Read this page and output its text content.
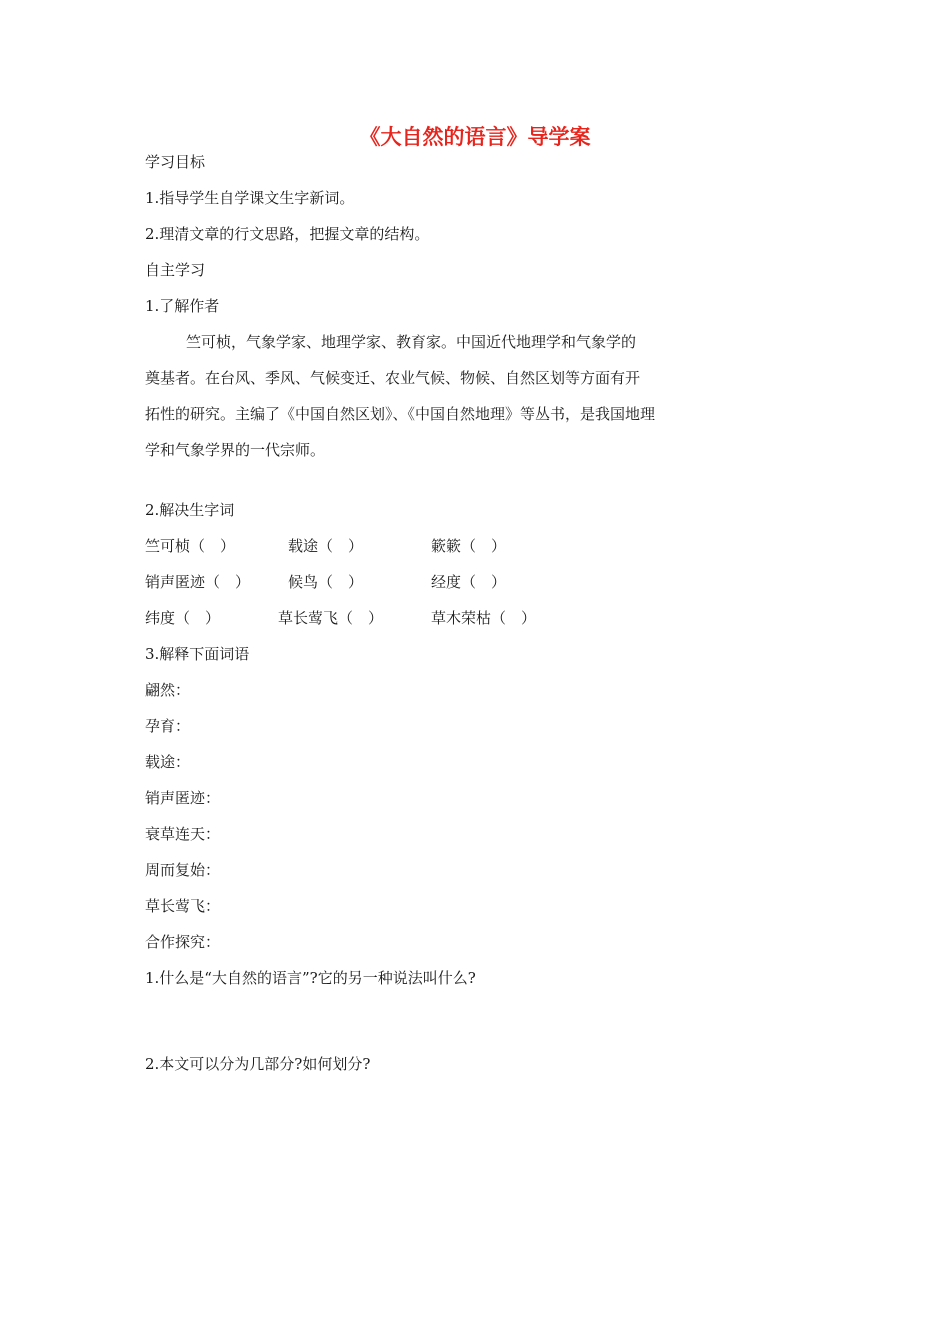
《大自然的语言》导学案
学习目标
1.指导学生自学课文生字新词。
2.理清文章的行文思路，把握文章的结构。
自主学习
1.了解作者
竺可桢，气象学家、地理学家、教育家。中国近代地理学和气象学的
奠基者。在台风、季风、气候变迁、农业气候、物候、自然区划等方面有开
拓性的研究。主编了《中国自然区划》、《中国自然地理》等丛书，是我国地理
学和气象学界的一代宗师。
2.解决生字词
竺可桢（　）	载途（　）	簌簌（　）
销声匿迹（　）	候鸟（　）	经度（　）
纬度（　）	草长莺飞（　）	草木荣枯（　）
3.解释下面词语
翩然：
孕育：
载途：
销声匿迹：
衰草连天：
周而复始：
草长莺飞：
合作探究：
1.什么是“大自然的语言”?它的另一种说法叫什么?
2.本文可以分为几部分?如何划分?
